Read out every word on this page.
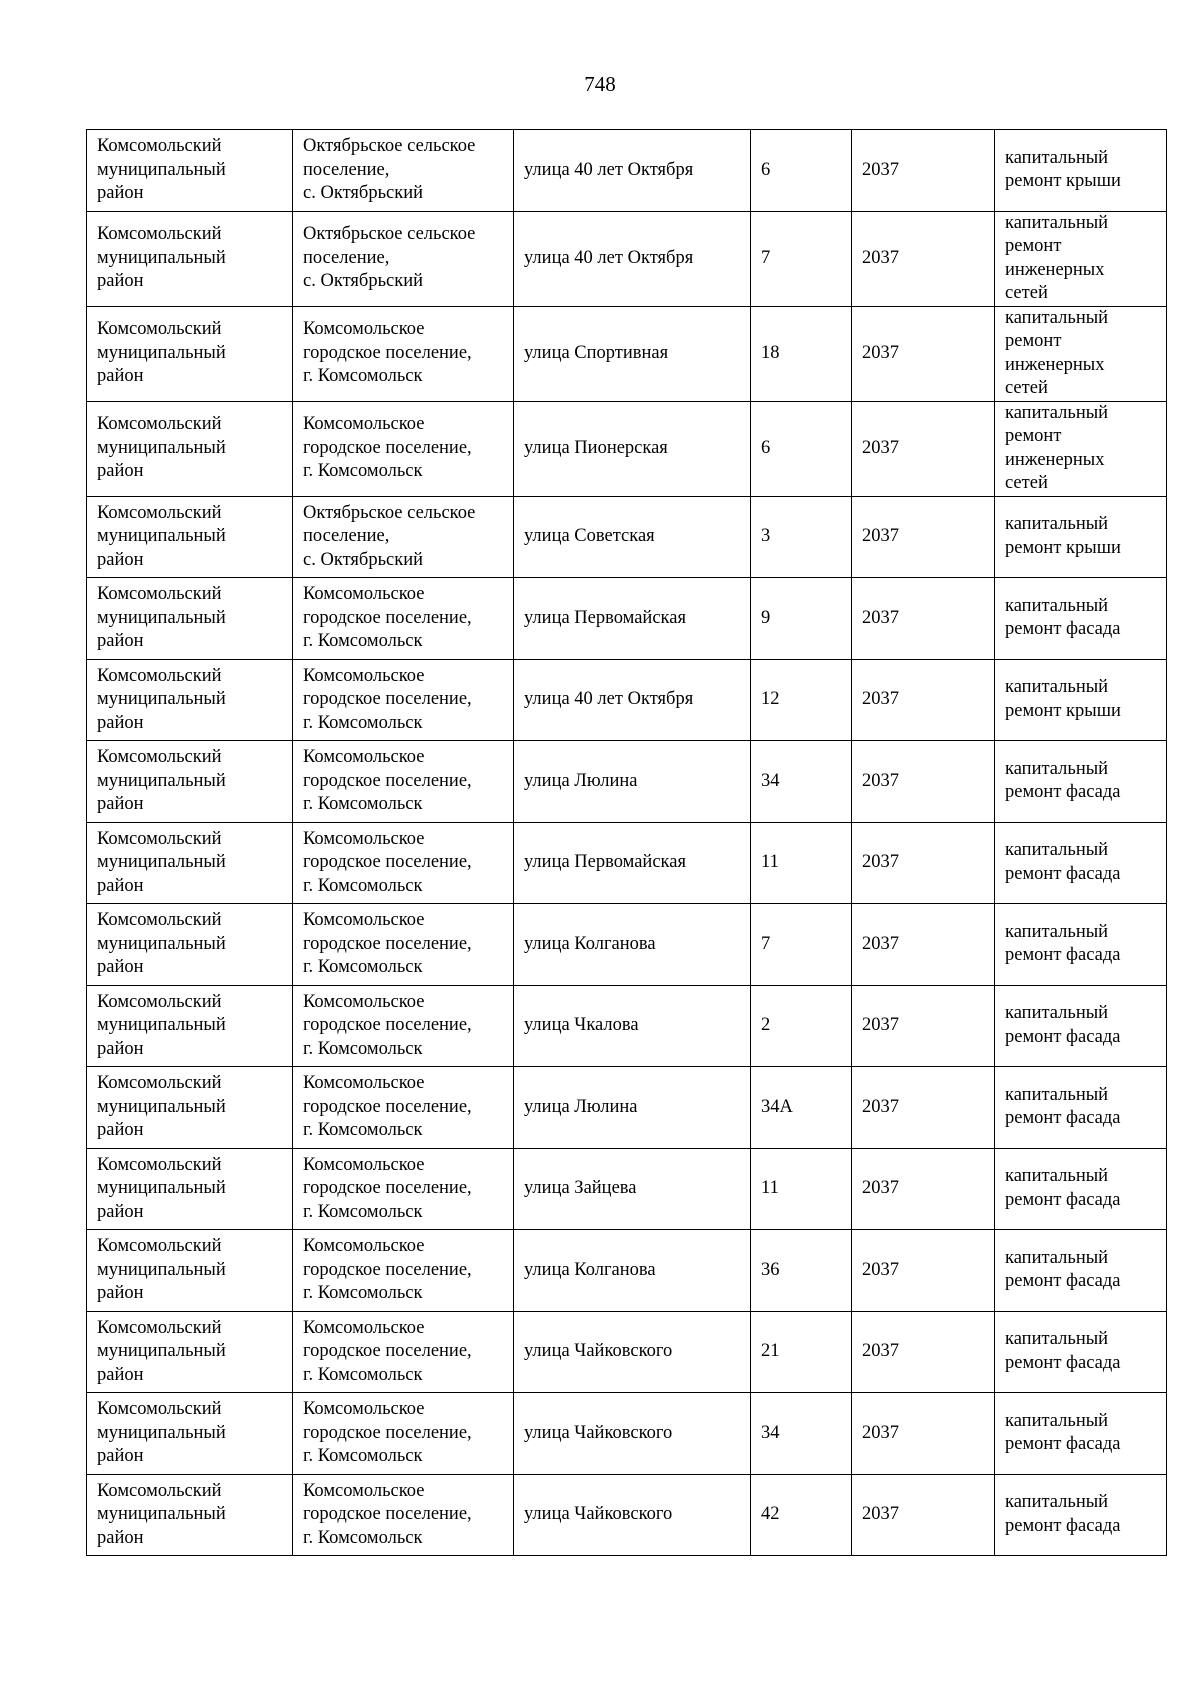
748
Комсомольский
муниципальный
район	Октябрьское сельское
поселение,
с. Октябрьский	улица 40 лет Октября	6	2037	капитальный
ремонт крыши
Комсомольский
муниципальный
район	Октябрьское сельское
поселение,
с. Октябрьский	улица 40 лет Октября	7	2037	капитальный
ремонт
инженерных
сетей
Комсомольский
муниципальный
район	Комсомольское
городское поселение,
г. Комсомольск	улица Спортивная	18	2037	капитальный
ремонт
инженерных
сетей
Комсомольский
муниципальный
район	Комсомольское
городское поселение,
г. Комсомольск	улица Пионерская	6	2037	капитальный
ремонт
инженерных
сетей
Комсомольский
муниципальный
район	Октябрьское сельское
поселение,
с. Октябрьский	улица Советская	3	2037	капитальный
ремонт крыши
Комсомольский
муниципальный
район	Комсомольское
городское поселение,
г. Комсомольск	улица Первомайская	9	2037	капитальный
ремонт фасада
Комсомольский
муниципальный
район	Комсомольское
городское поселение,
г. Комсомольск	улица 40 лет Октября	12	2037	капитальный
ремонт крыши
Комсомольский
муниципальный
район	Комсомольское
городское поселение,
г. Комсомольск	улица Люлина	34	2037	капитальный
ремонт фасада
Комсомольский
муниципальный
район	Комсомольское
городское поселение,
г. Комсомольск	улица Первомайская	11	2037	капитальный
ремонт фасада
Комсомольский
муниципальный
район	Комсомольское
городское поселение,
г. Комсомольск	улица Колганова	7	2037	капитальный
ремонт фасада
Комсомольский
муниципальный
район	Комсомольское
городское поселение,
г. Комсомольск	улица Чкалова	2	2037	капитальный
ремонт фасада
Комсомольский
муниципальный
район	Комсомольское
городское поселение,
г. Комсомольск	улица Люлина	34А	2037	капитальный
ремонт фасада
Комсомольский
муниципальный
район	Комсомольское
городское поселение,
г. Комсомольск	улица Зайцева	11	2037	капитальный
ремонт фасада
Комсомольский
муниципальный
район	Комсомольское
городское поселение,
г. Комсомольск	улица Колганова	36	2037	капитальный
ремонт фасада
Комсомольский
муниципальный
район	Комсомольское
городское поселение,
г. Комсомольск	улица Чайковского	21	2037	капитальный
ремонт фасада
Комсомольский
муниципальный
район	Комсомольское
городское поселение,
г. Комсомольск	улица Чайковского	34	2037	капитальный
ремонт фасада
Комсомольский
муниципальный
район	Комсомольское
городское поселение,
г. Комсомольск	улица Чайковского	42	2037	капитальный
ремонт фасада
